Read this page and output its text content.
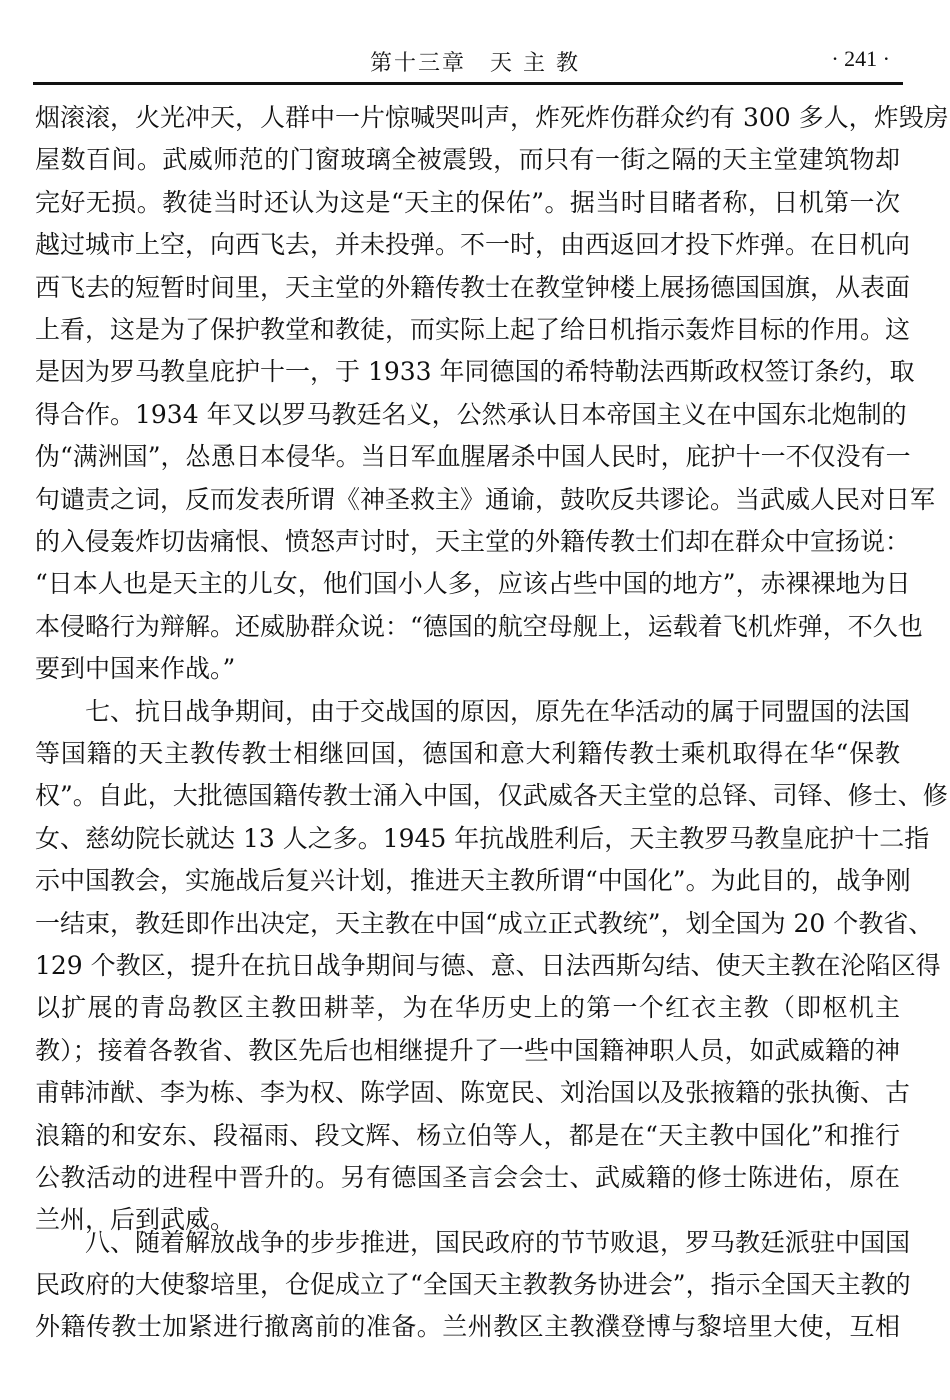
第十三章　天 主 教	· 241 ·
烟滚滚，火光冲天，人群中一片惊喊哭叫声，炸死炸伤群众约有 300 多人，炸毁房
屋数百间。武威师范的门窗玻璃全被震毁，而只有一街之隔的天主堂建筑物却
完好无损。教徒当时还认为这是“天主的保佑”。据当时目睹者称，日机第一次
越过城市上空，向西飞去，并未投弹。不一时，由西返回才投下炸弹。在日机向
西飞去的短暂时间里，天主堂的外籍传教士在教堂钟楼上展扬德国国旗，从表面
上看，这是为了保护教堂和教徒，而实际上起了给日机指示轰炸目标的作用。这
是因为罗马教皇庇护十一，于 1933 年同德国的希特勒法西斯政权签订条约，取
得合作。1934 年又以罗马教廷名义，公然承认日本帝国主义在中国东北炮制的
伪“满洲国”，怂恿日本侵华。当日军血腥屠杀中国人民时，庇护十一不仅没有一
句谴责之词，反而发表所谓《神圣救主》通谕，鼓吹反共谬论。当武威人民对日军
的入侵轰炸切齿痛恨、愤怒声讨时，天主堂的外籍传教士们却在群众中宣扬说：
“日本人也是天主的儿女，他们国小人多，应该占些中国的地方”，赤裸裸地为日
本侵略行为辩解。还威胁群众说：“德国的航空母舰上，运载着飞机炸弹，不久也
要到中国来作战。”
七、抗日战争期间，由于交战国的原因，原先在华活动的属于同盟国的法国
等国籍的天主教传教士相继回国，德国和意大利籍传教士乘机取得在华“保教
权”。自此，大批德国籍传教士涌入中国，仅武威各天主堂的总铎、司铎、修士、修
女、慈幼院长就达 13 人之多。1945 年抗战胜利后，天主教罗马教皇庇护十二指
示中国教会，实施战后复兴计划，推进天主教所谓“中国化”。为此目的，战争刚
一结束，教廷即作出决定，天主教在中国“成立正式教统”，划全国为 20 个教省、
129 个教区，提升在抗日战争期间与德、意、日法西斯勾结、使天主教在沦陷区得
以扩展的青岛教区主教田耕莘，为在华历史上的第一个红衣主教（即枢机主
教）；接着各教省、教区先后也相继提升了一些中国籍神职人员，如武威籍的神
甫韩沛猷、李为栋、李为权、陈学固、陈宽民、刘治国以及张掖籍的张执衡、古
浪籍的和安东、段福雨、段文辉、杨立伯等人，都是在“天主教中国化”和推行
公教活动的进程中晋升的。另有德国圣言会会士、武威籍的修士陈进佑，原在
兰州，后到武威。
八、随着解放战争的步步推进，国民政府的节节败退，罗马教廷派驻中国国
民政府的大使黎培里，仓促成立了“全国天主教教务协进会”，指示全国天主教的
外籍传教士加紧进行撤离前的准备。兰州教区主教濮登博与黎培里大使，互相
